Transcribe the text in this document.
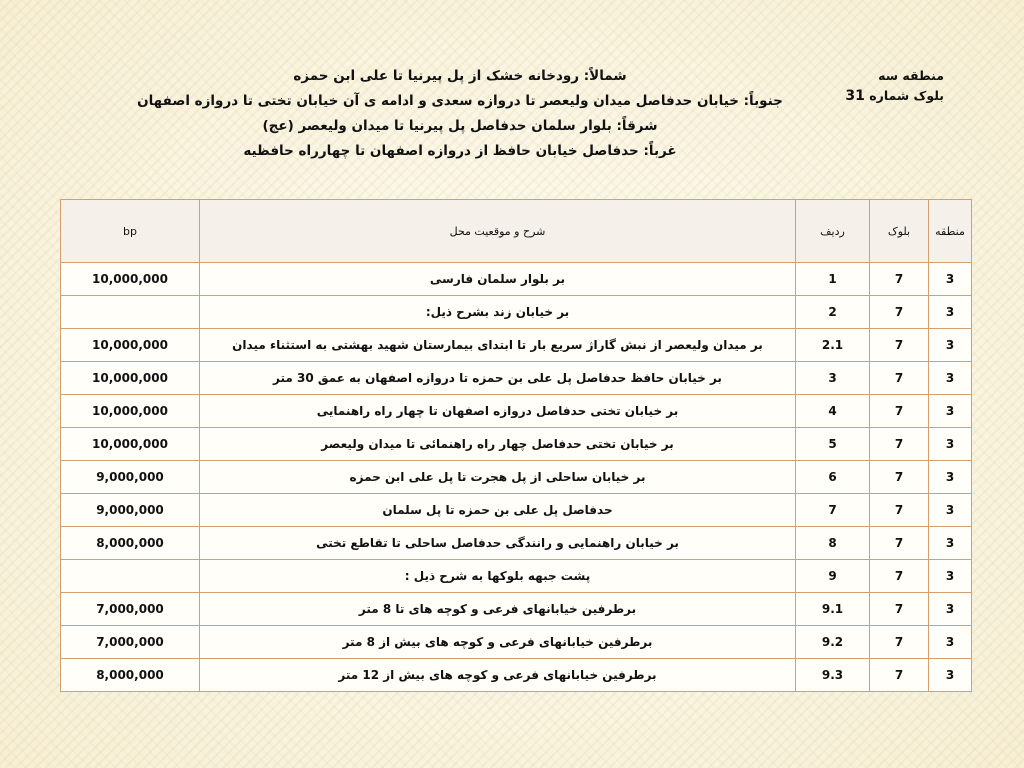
منطقه سه
بلوک شماره 31
شمالاً: رودخانه خشک از پل پیرنیا تا علی ابن حمزه
جنوباً: خیابان حدفاصل میدان ولیعصر تا دروازه سعدی و ادامه ی آن خیابان تختی تا دروازه اصفهان
شرقاً: بلوار سلمان حدفاصل پل پیرنیا تا میدان ولیعصر (عج)
غرباً: حدفاصل خیابان حافظ از دروازه اصفهان تا چهارراه حافظیه
منطقه	بلوک	ردیف	شرح و موقعیت محل	bp
3	7	1	بر بلوار سلمان فارسی	10,000,000
3	7	2	بر خیابان زند بشرح ذیل:	
3	7	2.1	بر میدان ولیعصر از نبش گاراژ سریع بار تا ابتدای بیمارستان شهید بهشتی به استثناء میدان	10,000,000
3	7	3	بر خیابان حافظ حدفاصل پل علی بن حمزه تا دروازه اصفهان به عمق 30 متر	10,000,000
3	7	4	بر خیابان تختی حدفاصل دروازه اصفهان تا چهار راه راهنمایی	10,000,000
3	7	5	بر خیابان تختی حدفاصل چهار راه راهنمائی تا میدان ولیعصر	10,000,000
3	7	6	بر خیابان ساحلی از پل هجرت تا پل علی ابن حمزه	9,000,000
3	7	7	حدفاصل پل علی بن حمزه تا پل سلمان	9,000,000
3	7	8	بر خیابان راهنمایی و رانندگی حدفاصل ساحلی تا تقاطع تختی	8,000,000
3	7	9	پشت جبهه بلوکها به شرح ذیل :	
3	7	9.1	برطرفین خیابانهای فرعی و کوچه های تا 8 متر	7,000,000
3	7	9.2	برطرفین خیابانهای فرعی و کوچه های بیش از 8 متر	7,000,000
3	7	9.3	برطرفین خیابانهای فرعی و کوچه های بیش از 12 متر	8,000,000
